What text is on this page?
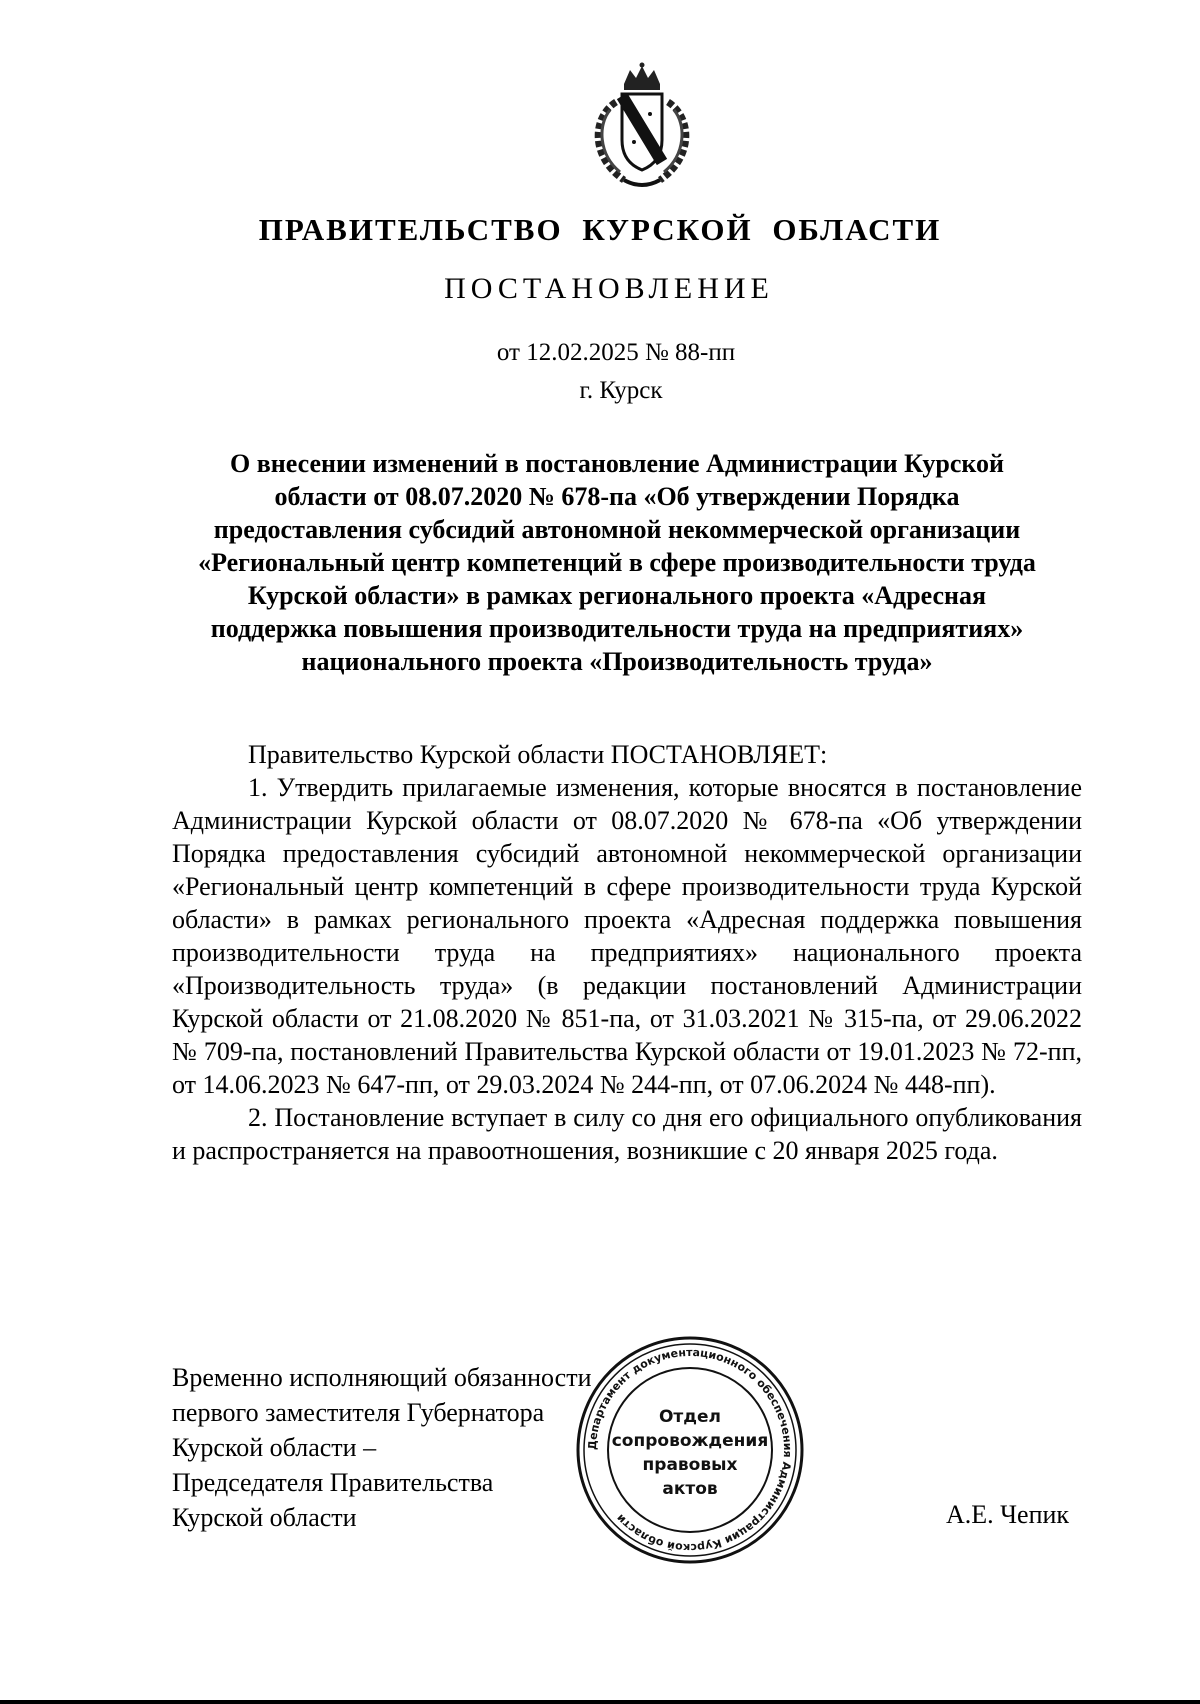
ПРАВИТЕЛЬСТВО КУРСКОЙ ОБЛАСТИ
ПОСТАНОВЛЕНИЕ
от 12.02.2025 № 88-пп
г. Курск
О внесении изменений в постановление Администрации Курской
области от 08.07.2020 № 678-па «Об утверждении Порядка
предоставления субсидий автономной некоммерческой организации
«Региональный центр компетенций в сфере производительности труда
Курской области» в рамках регионального проекта «Адресная
поддержка повышения производительности труда на предприятиях»
национального проекта «Производительность труда»

Правительство Курской области ПОСТАНОВЛЯЕТ:

1. Утвердить прилагаемые изменения, которые вносятся в постановление Администрации Курской области от 08.07.2020 № 678-па «Об утверждении Порядка предоставления субсидий автономной некоммерческой организации «Региональный центр компетенций в сфере производительности труда Курской области» в рамках регионального проекта «Адресная поддержка повышения производительности труда на предприятиях» национального проекта «Производительность труда» (в редакции постановлений Администрации Курской области от 21.08.2020 № 851-па, от 31.03.2021 № 315-па, от 29.06.2022 № 709-па, постановлений Правительства Курской области от 19.01.2023 № 72-пп, от 14.06.2023 № 647-пп, от 29.03.2024 № 244-пп, от 07.06.2024 № 448-пп).

2. Постановление вступает в силу со дня его официального опубликования и распространяется на правоотношения, возникшие с 20 января 2025 года.

Временно исполняющий обязанности
первого заместителя Губернатора
Курской области –
Председателя Правительства
Курской области	А.Е. Чепик
Департамент документационного обеспечения Администрации Курской области
Отдел
сопровождения
правовых
актов
